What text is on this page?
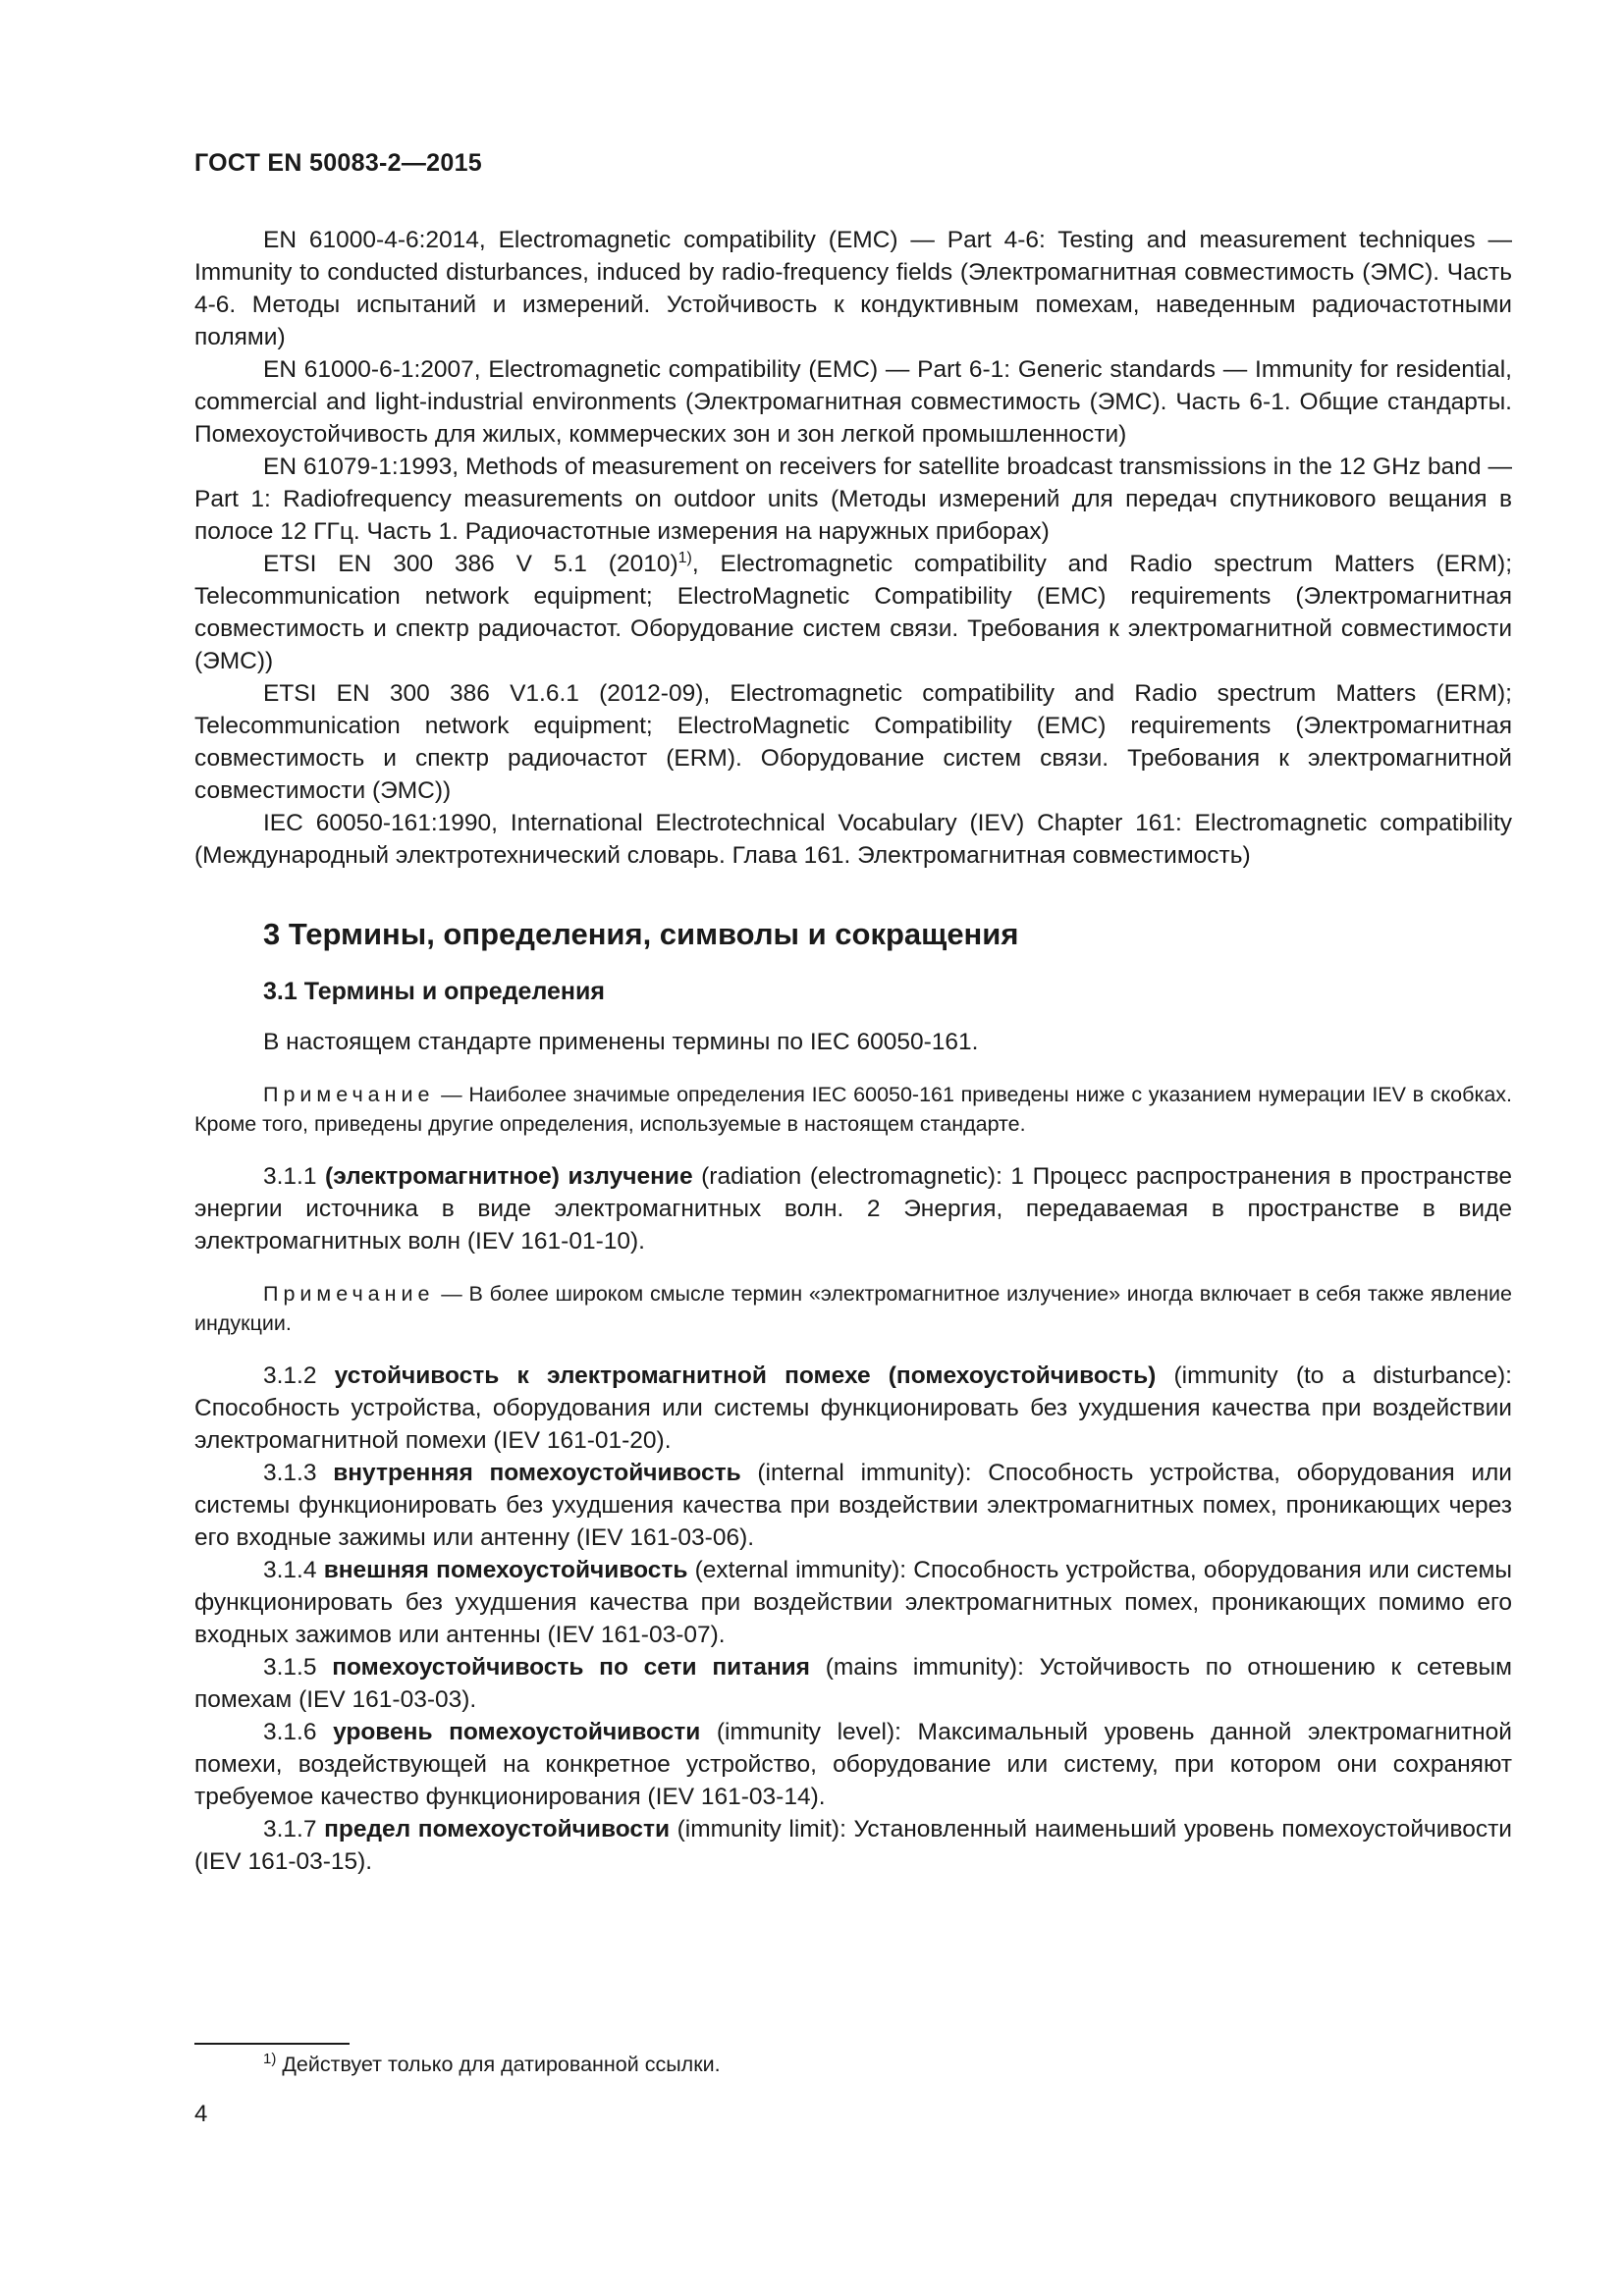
ГОСТ EN 50083-2—2015

EN 61000-4-6:2014, Electromagnetic compatibility (EMC) — Part 4-6: Testing and measurement techniques — Immunity to conducted disturbances, induced by radio-frequency fields (Электромагнитная совместимость (ЭМС). Часть 4-6. Методы испытаний и измерений. Устойчивость к кондуктивным помехам, наведенным радиочастотными полями)

EN 61000-6-1:2007, Electromagnetic compatibility (EMC) — Part 6-1: Generic standards — Immunity for residential, commercial and light-industrial environments (Электромагнитная совместимость (ЭМС). Часть 6-1. Общие стандарты. Помехоустойчивость для жилых, коммерческих зон и зон легкой промышленности)

EN 61079-1:1993, Methods of measurement on receivers for satellite broadcast transmissions in the 12 GHz band — Part 1: Radiofrequency measurements on outdoor units (Методы измерений для передач спутникового вещания в полосе 12 ГГц. Часть 1. Радиочастотные измерения на наружных приборах)

ETSI EN 300 386 V 5.1 $(2010)^{1)}$, Electromagnetic compatibility and Radio spectrum Matters (ERM); Telecommunication network equipment; ElectroMagnetic Compatibility (EMC) requirements (Электромагнитная совместимость и спектр радиочастот. Оборудование систем связи. Требования к электромагнитной совместимости (ЭМС))

ETSI EN 300 386 V1.6.1 (2012-09), Electromagnetic compatibility and Radio spectrum Matters (ERM); Telecommunication network equipment; ElectroMagnetic Compatibility (EMC) requirements (Электромагнитная совместимость и спектр радиочастот (ERM). Оборудование систем связи. Требования к электромагнитной совместимости (ЭМС))

IEC 60050-161:1990, International Electrotechnical Vocabulary (IEV) Chapter 161: Electromagnetic compatibility (Международный электротехнический словарь. Глава 161. Электромагнитная совместимость)

3 Термины, определения, символы и сокращения
3.1 Термины и определения

В настоящем стандарте применены термины по IEC 60050-161.

Примечание — Наиболее значимые определения IEC 60050-161 приведены ниже с указанием нумерации IEV в скобках. Кроме того, приведены другие определения, используемые в настоящем стандарте.

3.1.1 (электромагнитное) излучение (radiation (electromagnetic): 1 Процесс распространения в пространстве энергии источника в виде электромагнитных волн. 2 Энергия, передаваемая в пространстве в виде электромагнитных волн (IEV 161-01-10).

Примечание — В более широком смысле термин «электромагнитное излучение» иногда включает в себя также явление индукции.

3.1.2 устойчивость к электромагнитной помехе (помехоустойчивость) (immunity (to a disturbance): Способность устройства, оборудования или системы функционировать без ухудшения качества при воздействии электромагнитной помехи (IEV 161-01-20).

3.1.3 внутренняя помехоустойчивость (internal immunity): Способность устройства, оборудования или системы функционировать без ухудшения качества при воздействии электромагнитных помех, проникающих через его входные зажимы или антенну (IEV 161-03-06).

3.1.4 внешняя помехоустойчивость (external immunity): Способность устройства, оборудования или системы функционировать без ухудшения качества при воздействии электромагнитных помех, проникающих помимо его входных зажимов или антенны (IEV 161-03-07).

3.1.5 помехоустойчивость по сети питания (mains immunity): Устойчивость по отношению к сетевым помехам (IEV 161-03-03).

3.1.6 уровень помехоустойчивости (immunity level): Максимальный уровень данной электромагнитной помехи, воздействующей на конкретное устройство, оборудование или систему, при котором они сохраняют требуемое качество функционирования (IEV 161-03-14).

3.1.7 предел помехоустойчивости (immunity limit): Установленный наименьший уровень помехоустойчивости (IEV 161-03-15).

$^{1)}$ Действует только для датированной ссылки.
4
